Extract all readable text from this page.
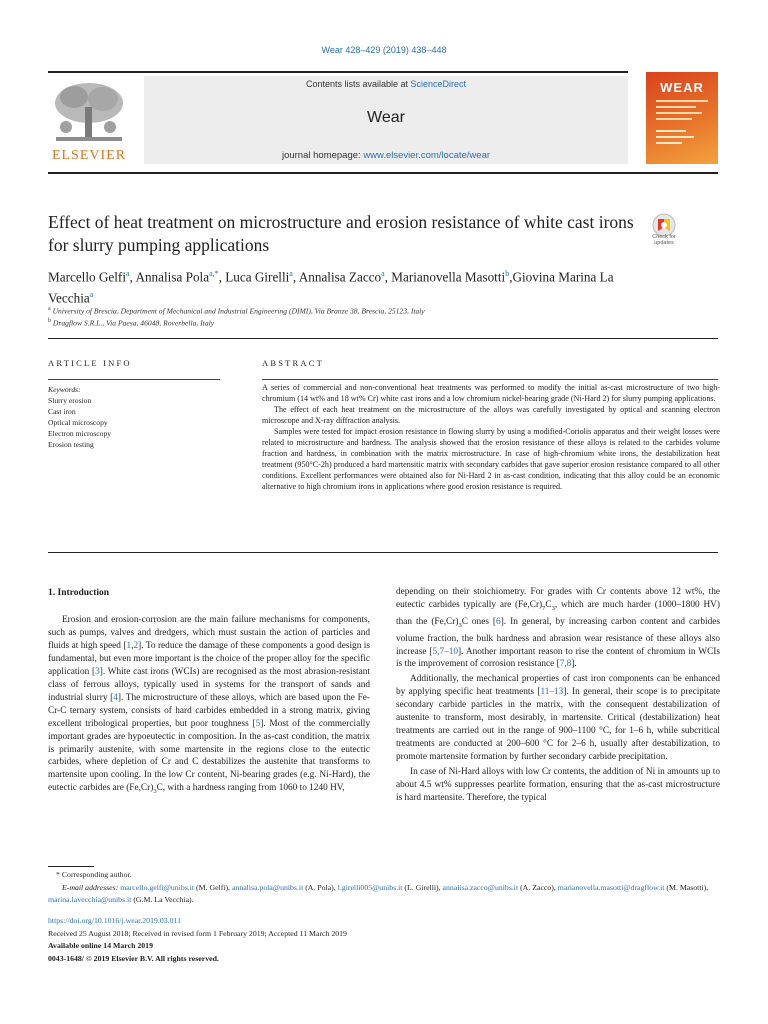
Wear 428–429 (2019) 438–448
ELSEVIER
Contents lists available at ScienceDirect
Wear
journal homepage: www.elsevier.com/locate/wear
WEAR
Effect of heat treatment on microstructure and erosion resistance of white cast irons for slurry pumping applications	Check for updates
Marcello Gelfi$^a$, Annalisa Pola$^{a,*}$, Luca Girelli$^a$, Annalisa Zacco$^a$, Marianovella Masotti$^b$,Giovina Marina La Vecchia$^a$
$^a$ University of Brescia, Department of Mechanical and Industrial Engineering (DIMI), Via Branze 38, Brescia, 25123, Italy
$^b$ Dragflow S.R.L., Via Paesa, 46048, Roverbella, Italy
ARTICLE INFO
Keywords:
Slurry erosion
Cast iron
Optical microscopy
Electron microscopy
Erosion testing
ABSTRACT

A series of commercial and non-conventional heat treatments was performed to modify the initial as-cast microstructure of two high-chromium (14 wt% and 18 wt% Cr) white cast irons and a low chromium nickel-bearing grade (Ni-Hard 2) for slurry pumping applications.

The effect of each heat treatment on the microstructure of the alloys was carefully investigated by optical and scanning electron microscope and X-ray diffraction analysis.

Samples were tested for impact erosion resistance in flowing slurry by using a modified-Coriolis apparatus and their weight losses were related to microstructure and hardness. The analysis showed that the erosion resistance of these alloys is related to the carbides volume fraction and hardness, in combination with the matrix microstructure. In case of high-chromium white irons, the destabilization heat treatment (950°C-2h) produced a hard martensitic matrix with secondary carbides that gave superior erosion resistance compared to all other conditions. Excellent performances were obtained also for Ni-Hard 2 in as-cast condition, indicating that this alloy could be an economic alternative to high chromium irons in applications where good erosion resistance is required.

1. Introduction

Erosion and erosion-corrosion are the main failure mechanisms for components, such as pumps, valves and dredgers, which must sustain the action of particles and fluids at high speed [1,2]. To reduce the damage of these components a good design is fundamental, but even more important is the choice of the proper alloy for the specific application [3]. White cast irons (WCIs) are recognised as the most abrasion-resistant class of ferrous alloys, typically used in systems for the transport of sands and industrial slurry [4]. The microstructure of these alloys, which are based upon the Fe-Cr-C ternary system, consists of hard carbides embedded in a strong matrix, giving excellent tribological properties, but poor toughness [5]. Most of the commercially important grades are hypoeutectic in composition. In the as-cast condition, the matrix is primarily austenite, with some martensite in the regions close to the eutectic carbides, where depletion of Cr and C destabilizes the austenite that transforms to martensite upon cooling. In the low Cr content, Ni-bearing grades (e.g. Ni-Hard), the eutectic carbides are $(Fe,Cr)_3C$, with a hardness ranging from 1060 to 1240 HV,

depending on their stoichiometry. For grades with Cr contents above 12 wt%, the eutectic carbides typically are $(Fe,Cr)_7C_3$, which are much harder (1000–1800 HV) than the $(Fe,Cr)_3C$ ones [6]. In general, by increasing carbon content and carbides volume fraction, the bulk hardness and abrasion wear resistance of these alloys also increase [5,7–10]. Another important reason to rise the content of chromium in WCIs is the improvement of corrosion resistance [7,8].

Additionally, the mechanical properties of cast iron components can be enhanced by applying specific heat treatments [11–13]. In general, their scope is to precipitate secondary carbide particles in the matrix, with the consequent destabilization of austenite to transform, most desirably, in martensite. Critical (destabilization) heat treatments are carried out in the range of 900–1100 °C, for 1–6 h, while subcritical treatments are conducted at 200–600 °C for 2–6 h, usually after destabilization, to promote martensite formation by further secondary carbide precipitation.

In case of Ni-Hard alloys with low Cr contents, the addition of Ni in amounts up to about 4.5 wt% suppresses pearlite formation, ensuring that the as-cast microstructure is hard martensite. Therefore, the typical

* Corresponding author.
E-mail addresses: marcello.gelfi@unibs.it (M. Gelfi), annalisa.pola@unibs.it (A. Pola), l.girelli005@unibs.it (L. Girelli), annalisa.zacco@unibs.it (A. Zacco), marianovella.masotti@dragflow.it (M. Masotti), marina.lavecchia@unibs.it (G.M. La Vecchia).
https://doi.org/10.1016/j.wear.2019.03.011
Received 25 August 2018; Received in revised form 1 February 2019; Accepted 11 March 2019
Available online 14 March 2019
0043-1648/ © 2019 Elsevier B.V. All rights reserved.
